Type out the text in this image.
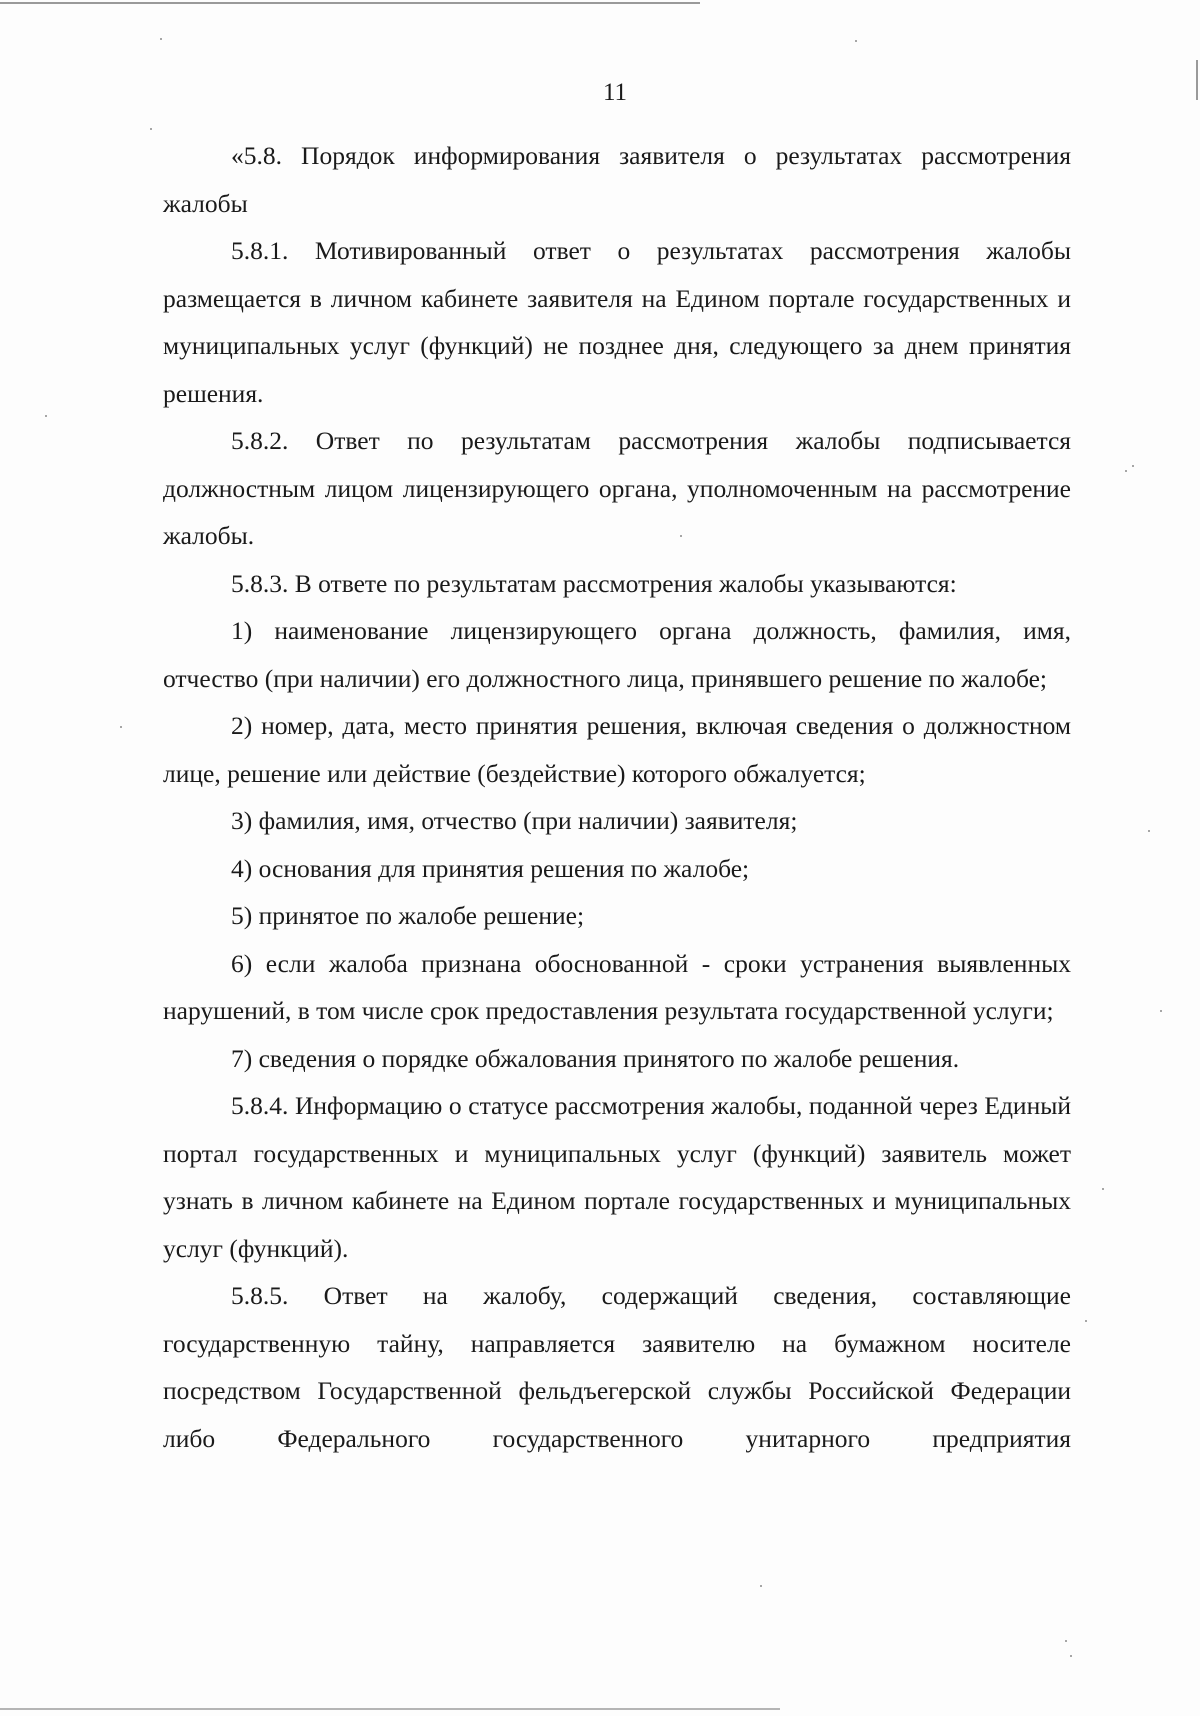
11

«5.8. Порядок информирования заявителя о результатах рассмотрения жалобы

5.8.1. Мотивированный ответ о результатах рассмотрения жалобы размещается в личном кабинете заявителя на Едином портале государственных и муниципальных услуг (функций) не позднее дня, следующего за днем принятия решения.

5.8.2. Ответ по результатам рассмотрения жалобы подписывается должностным лицом лицензирующего органа, уполномоченным на рассмотрение жалобы.

5.8.3. В ответе по результатам рассмотрения жалобы указываются:

1) наименование лицензирующего органа должность, фамилия, имя, отчество (при наличии) его должностного лица, принявшего решение по жалобе;

2) номер, дата, место принятия решения, включая сведения о должностном лице, решение или действие (бездействие) которого обжалуется;

3) фамилия, имя, отчество (при наличии) заявителя;

4) основания для принятия решения по жалобе;

5) принятое по жалобе решение;

6) если жалоба признана обоснованной - сроки устранения выявленных нарушений, в том числе срок предоставления результата государственной услуги;

7) сведения о порядке обжалования принятого по жалобе решения.

5.8.4. Информацию о статусе рассмотрения жалобы, поданной через Единый портал государственных и муниципальных услуг (функций) заявитель может узнать в личном кабинете на Едином портале государственных и муниципальных услуг (функций).

5.8.5. Ответ на жалобу, содержащий сведения, составляющие государственную тайну, направляется заявителю на бумажном носителе посредством Государственной фельдъегерской службы Российской Федерации либо Федерального государственного унитарного предприятия
